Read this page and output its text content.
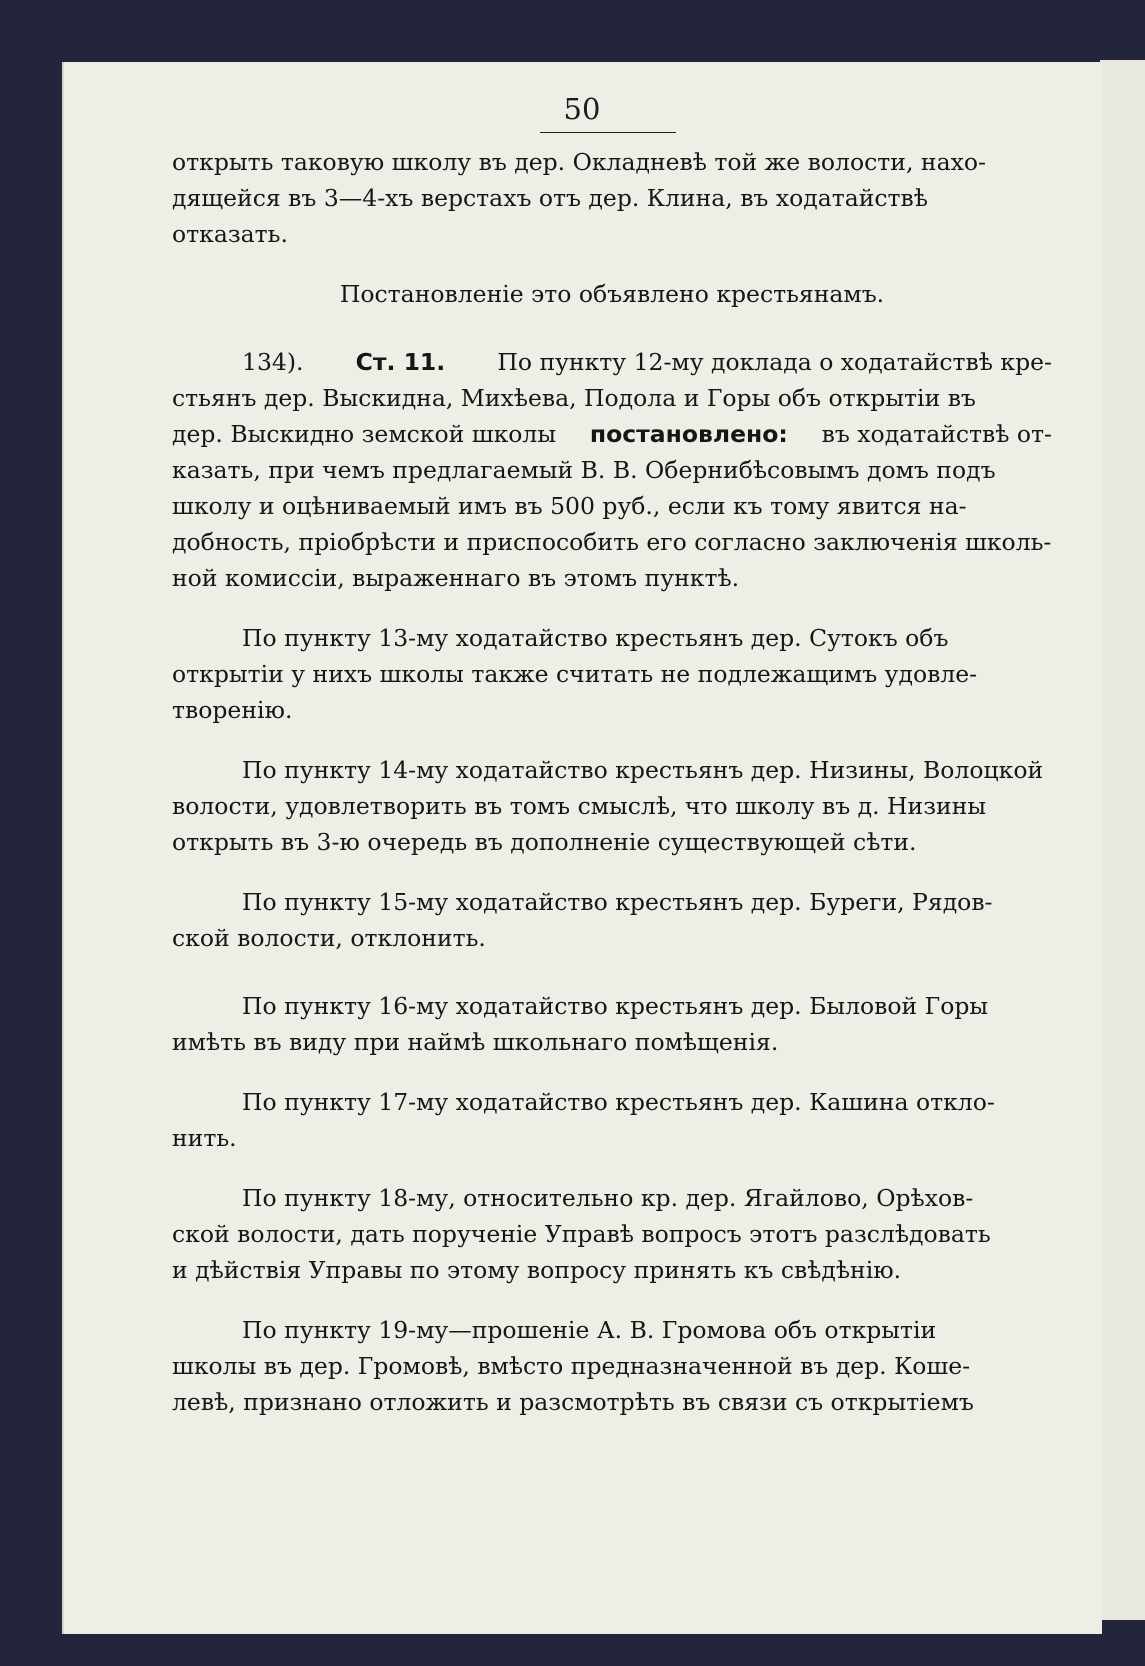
50
открыть таковую школу въ дер. Окладневѣ той же волости, нахо-
дящейся въ 3—4-хъ верстахъ отъ дер. Клина, въ ходатайствѣ
отказать.
Постановленіе это объявлено крестьянамъ.
134). Ст. 11. По пункту 12-му доклада о ходатайствѣ кре-
стьянъ дер. Выскидна, Михѣева, Подола и Горы объ открытіи въ
дер. Выскидно земской школы постановлено: въ ходатайствѣ от-
казать, при чемъ предлагаемый В. В. Обернибѣсовымъ домъ подъ
школу и оцѣниваемый имъ въ 500 руб., если къ тому явится на-
добность, пріобрѣсти и приспособить его согласно заключенія школь-
ной комиссіи, выраженнаго въ этомъ пунктѣ.
По пункту 13-му ходатайство крестьянъ дер. Сутокъ объ
открытіи у нихъ школы также считать не подлежащимъ удовле-
творенію.
По пункту 14-му ходатайство крестьянъ дер. Низины, Волоцкой
волости, удовлетворить въ томъ смыслѣ, что школу въ д. Низины
открыть въ 3-ю очередь въ дополненіе существующей сѣти.
По пункту 15-му ходатайство крестьянъ дер. Буреги, Рядов-
ской волости, отклонить.
По пункту 16-му ходатайство крестьянъ дер. Быловой Горы
имѣть въ виду при наймѣ школьнаго помѣщенія.
По пункту 17-му ходатайство крестьянъ дер. Кашина откло-
нить.
По пункту 18-му, относительно кр. дер. Ягайлово, Орѣхов-
ской волости, дать порученіе Управѣ вопросъ этотъ разслѣдовать
и дѣйствія Управы по этому вопросу принять къ свѣдѣнію.
По пункту 19-му—прошеніе А. В. Громова объ открытіи
школы въ дер. Громовѣ, вмѣсто предназначенной въ дер. Коше-
левѣ, признано отложить и разсмотрѣть въ связи съ открытіемъ
